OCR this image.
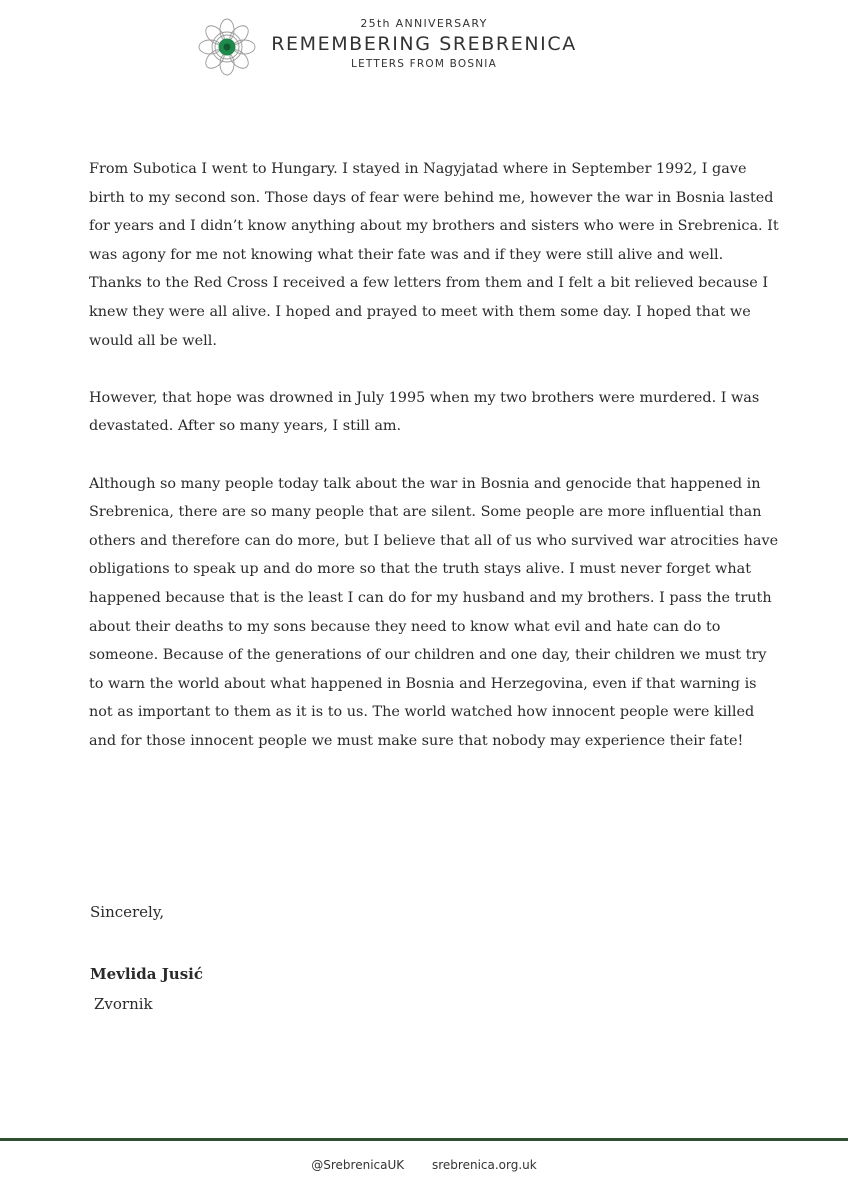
25th ANNIVERSARY
REMEMBERING SREBRENICA
LETTERS FROM BOSNIA

From Subotica I went to Hungary. I stayed in Nagyjatad where in September 1992, I gave birth to my second son. Those days of fear were behind me, however the war in Bosnia lasted for years and I didn’t know anything about my brothers and sisters who were in Srebrenica. It was agony for me not knowing what their fate was and if they were still alive and well. Thanks to the Red Cross I received a few letters from them and I felt a bit relieved because I knew they were all alive. I hoped and prayed to meet with them some day. I hoped that we would all be well.

However, that hope was drowned in July 1995 when my two brothers were murdered. I was devastated. After so many years, I still am.

Although so many people today talk about the war in Bosnia and genocide that happened in Srebrenica, there are so many people that are silent. Some people are more influential than others and therefore can do more, but I believe that all of us who survived war atrocities have obligations to speak up and do more so that the truth stays alive. I must never forget what happened because that is the least I can do for my husband and my brothers. I pass the truth about their deaths to my sons because they need to know what evil and hate can do to someone. Because of the generations of our children and one day, their children we must try to warn the world about what happened in Bosnia and Herzegovina, even if that warning is not as important to them as it is to us. The world watched how innocent people were killed and for those innocent people we must make sure that nobody may experience their fate!

Sincerely,
Mevlida Jusić
Zvornik
@SrebrenicaUK srebrenica.org.uk
